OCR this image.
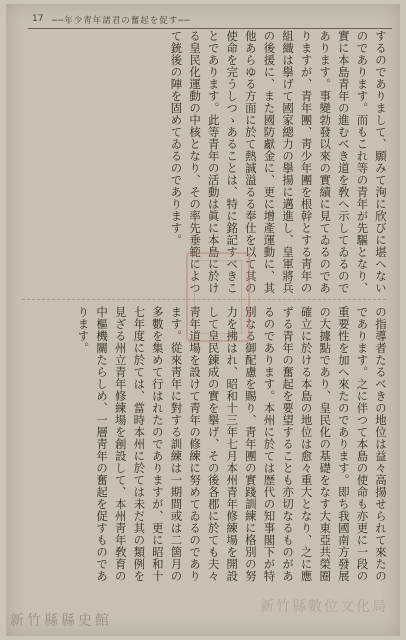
17 ──年少靑年諸君の奮起を促す──

するのでありまして、願みて洵に欣びに堪へないのであります。而もこれ等の青年が先驅となり、實に本島青年の進むべき道を敎へ示してゐるのであります。事變勃發以來の實績に見てゐるのでありますが、青年團、靑少年團を根幹とする靑年の組織は擧げて國家總力の擧揚に邁進し、皇軍將兵の後援に、また國防獻金に、更に增產運動に、其他あらゆる方面に於て熱誠溢るる奉仕を以て其の使命を完うしつゝあることは、特に銘記すべきことであります。此等青年の活動は眞に本島に於ける皇民化運動の中核となり、その率先垂範によつて銃後の陣を固めてゐるのであります。

の指導者たるべきの地位は益々高揚せられて來たのであります。之に伴つて本島の使命も亦更に一段の重要性を加へ來たのであります。即ち我國南方發展の大據點であり、皇民化の基礎をなす大東亞共榮圈確立に於ける本島の地位は愈々重大となり、之に應ずる青年の奮起を要望することも亦切なるものがあるのであります。本州に於ては歴代の知事閣下が特別なる御配慮を賜り、靑年團の實踐訓練に格別の努力を拂はれ、昭和十三年七月本州青年修練場を開設して皇民鍊成の實を擧げ、その後各郡に於ても夫々靑年道場を設けて靑年の修練に努めてゐるのであります。從來靑年に對する訓練は一期間或は二箇月の多數を集めて行はれたのでありますが、更に昭和十七年度に於ては、當時本州に於ては未だ其の類例を見ざる州立青年修練場を創設して、本州靑年敎育の中樞機關たらしめ、一層靑年の奮起を促すものであります。

新竹縣數位文化局
新竹縣縣史館
